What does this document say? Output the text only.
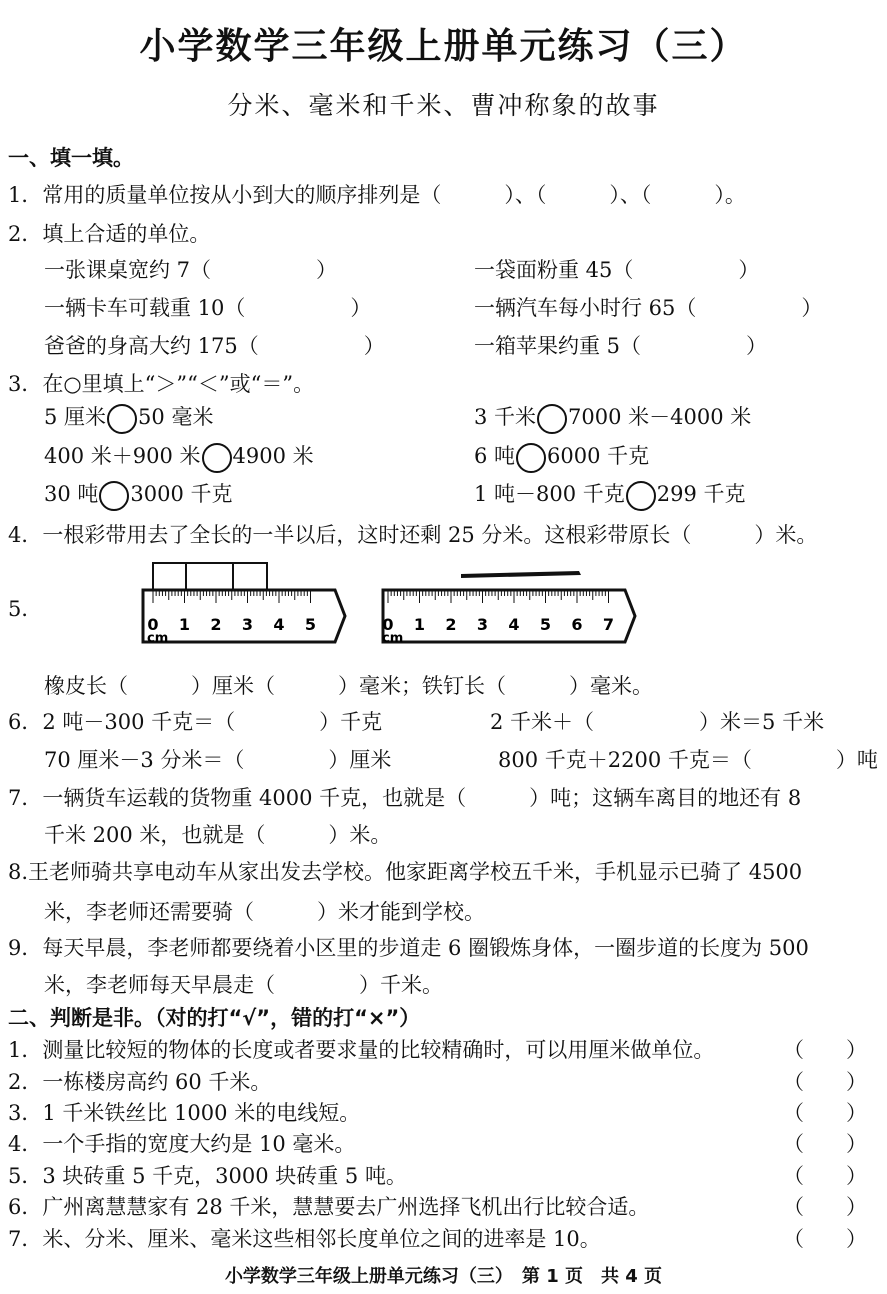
小学数学三年级上册单元练习（三）
分米、毫米和千米、曹冲称象的故事
一、填一填。
1．常用的质量单位按从小到大的顺序排列是（　　　）、（　　　）、（　　　）。
2．填上合适的单位。
一张课桌宽约 7（　　　　　）	一袋面粉重 45（　　　　　）
一辆卡车可载重 10（　　　　　）	一辆汽车每小时行 65（　　　　　）
爸爸的身高大约 175（　　　　　）	一箱苹果约重 5（　　　　　）
3．在○里填上“＞”“＜”或“＝”。
5 厘米 50 毫米	3 千米 7000 米－4000 米
400 米＋900 米 4900 米	6 吨 6000 千克
30 吨 3000 千克	1 吨－800 千克 299 千克
4．一根彩带用去了全长的一半以后，这时还剩 25 分米。这根彩带原长（　　　）米。
5．
0 1 2 3 4 5
cm
0 1 2 3 4 5 6 7
cm
橡皮长（　　　）厘米（　　　）毫米；铁钉长（　　　）毫米。
6．2 吨－300 千克＝（　　　　）千克	2 千米＋（　　　　　）米＝5 千米
70 厘米－3 分米＝（　　　　）厘米	800 千克＋2200 千克＝（　　　　）吨
7．一辆货车运载的货物重 4000 千克，也就是（　　　）吨；这辆车离目的地还有 8
千米 200 米，也就是（　　　）米。
8.王老师骑共享电动车从家出发去学校。他家距离学校五千米，手机显示已骑了 4500
米，李老师还需要骑（　　　）米才能到学校。
9．每天早晨，李老师都要绕着小区里的步道走 6 圈锻炼身体，一圈步道的长度为 500
米，李老师每天早晨走（　　　　）千米。
二、判断是非。（对的打“√”，错的打“×”）
1．测量比较短的物体的长度或者要求量的比较精确时，可以用厘米做单位。	（　　）
2．一栋楼房高约 60 千米。	（　　）
3．1 千米铁丝比 1000 米的电线短。	（　　）
4．一个手指的宽度大约是 10 毫米。	（　　）
5．3 块砖重 5 千克，3000 块砖重 5 吨。	（　　）
6．广州离慧慧家有 28 千米，慧慧要去广州选择飞机出行比较合适。	（　　）
7．米、分米、厘米、毫米这些相邻长度单位之间的进率是 10。	（　　）
小学数学三年级上册单元练习（三）　第 1 页　共 4 页
